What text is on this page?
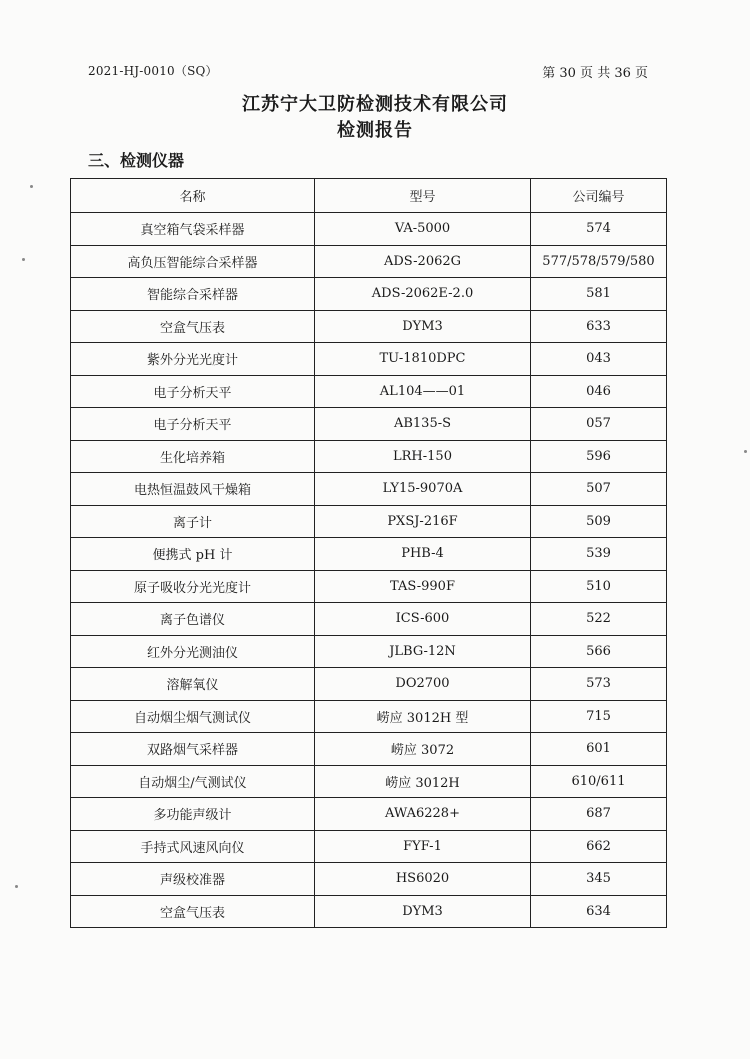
2021-HJ-0010（SQ）	第 30 页 共 36 页
江苏宁大卫防检测技术有限公司
检测报告
三、检测仪器
名称	型号	公司编号
真空箱气袋采样器	VA-5000	574
高负压智能综合采样器	ADS-2062G	577/578/579/580
智能综合采样器	ADS-2062E-2.0	581
空盒气压表	DYM3	633
紫外分光光度计	TU-1810DPC	043
电子分析天平	AL104——01	046
电子分析天平	AB135-S	057
生化培养箱	LRH-150	596
电热恒温鼓风干燥箱	LY15-9070A	507
离子计	PXSJ-216F	509
便携式 pH 计	PHB-4	539
原子吸收分光光度计	TAS-990F	510
离子色谱仪	ICS-600	522
红外分光测油仪	JLBG-12N	566
溶解氧仪	DO2700	573
自动烟尘烟气测试仪	崂应 3012H 型	715
双路烟气采样器	崂应 3072	601
自动烟尘/气测试仪	崂应 3012H	610/611
多功能声级计	AWA6228+	687
手持式风速风向仪	FYF-1	662
声级校准器	HS6020	345
空盒气压表	DYM3	634
